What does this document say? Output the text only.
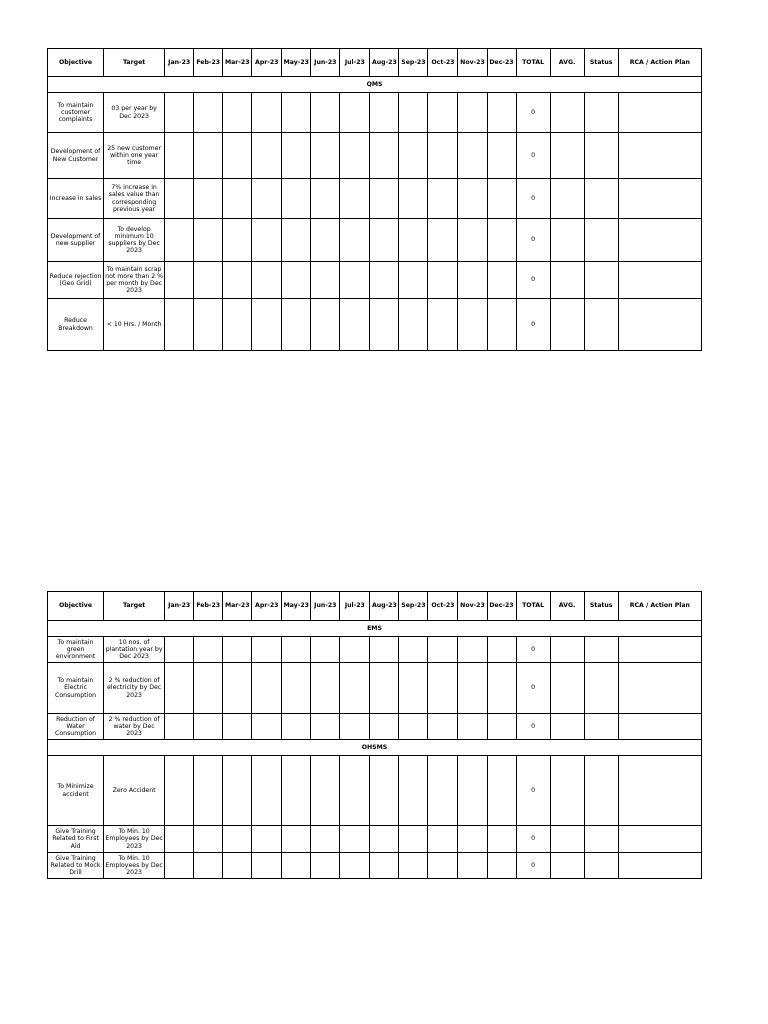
Objective	Target	Jan-23	Feb-23	Mar-23	Apr-23	May-23	Jun-23	Jul-23	Aug-23	Sep-23	Oct-23	Nov-23	Dec-23	TOTAL	AVG.	Status	RCA / Action Plan
QMS																	
To maintain customer complaints	03 per year by Dec 2023													0			
Development of New Customer	25 new customer within one year time													0			
Increase in sales	7% increase in sales value than corresponding previous year													0			
Development of new supplier	To develop minimum 10 suppliers by Dec 2023													0			
Reduce rejection (Geo Grid)	To maintain scrap not more than 2 % per month by Dec 2023													0			
Reduce Breakdown	< 10 Hrs. / Month													0			
Objective	Target	Jan-23	Feb-23	Mar-23	Apr-23	May-23	Jun-23	Jul-23	Aug-23	Sep-23	Oct-23	Nov-23	Dec-23	TOTAL	AVG.	Status	RCA / Action Plan
EMS																	
To maintain green environment	10 nos. of plantation year by Dec 2023													0			
To maintain Electric Consumption	2 % reduction of electricity by Dec 2023													0			
Reduction of Water Consumption	2 % reduction of water by Dec 2023													0			
OHSMS																	
To Minimize accident	Zero Accident													0			
Give Training Related to First Aid	To Min. 10 Employees by Dec 2023													0			
Give Training Related to Mock Drill	To Min. 10 Employees by Dec 2023													0			
